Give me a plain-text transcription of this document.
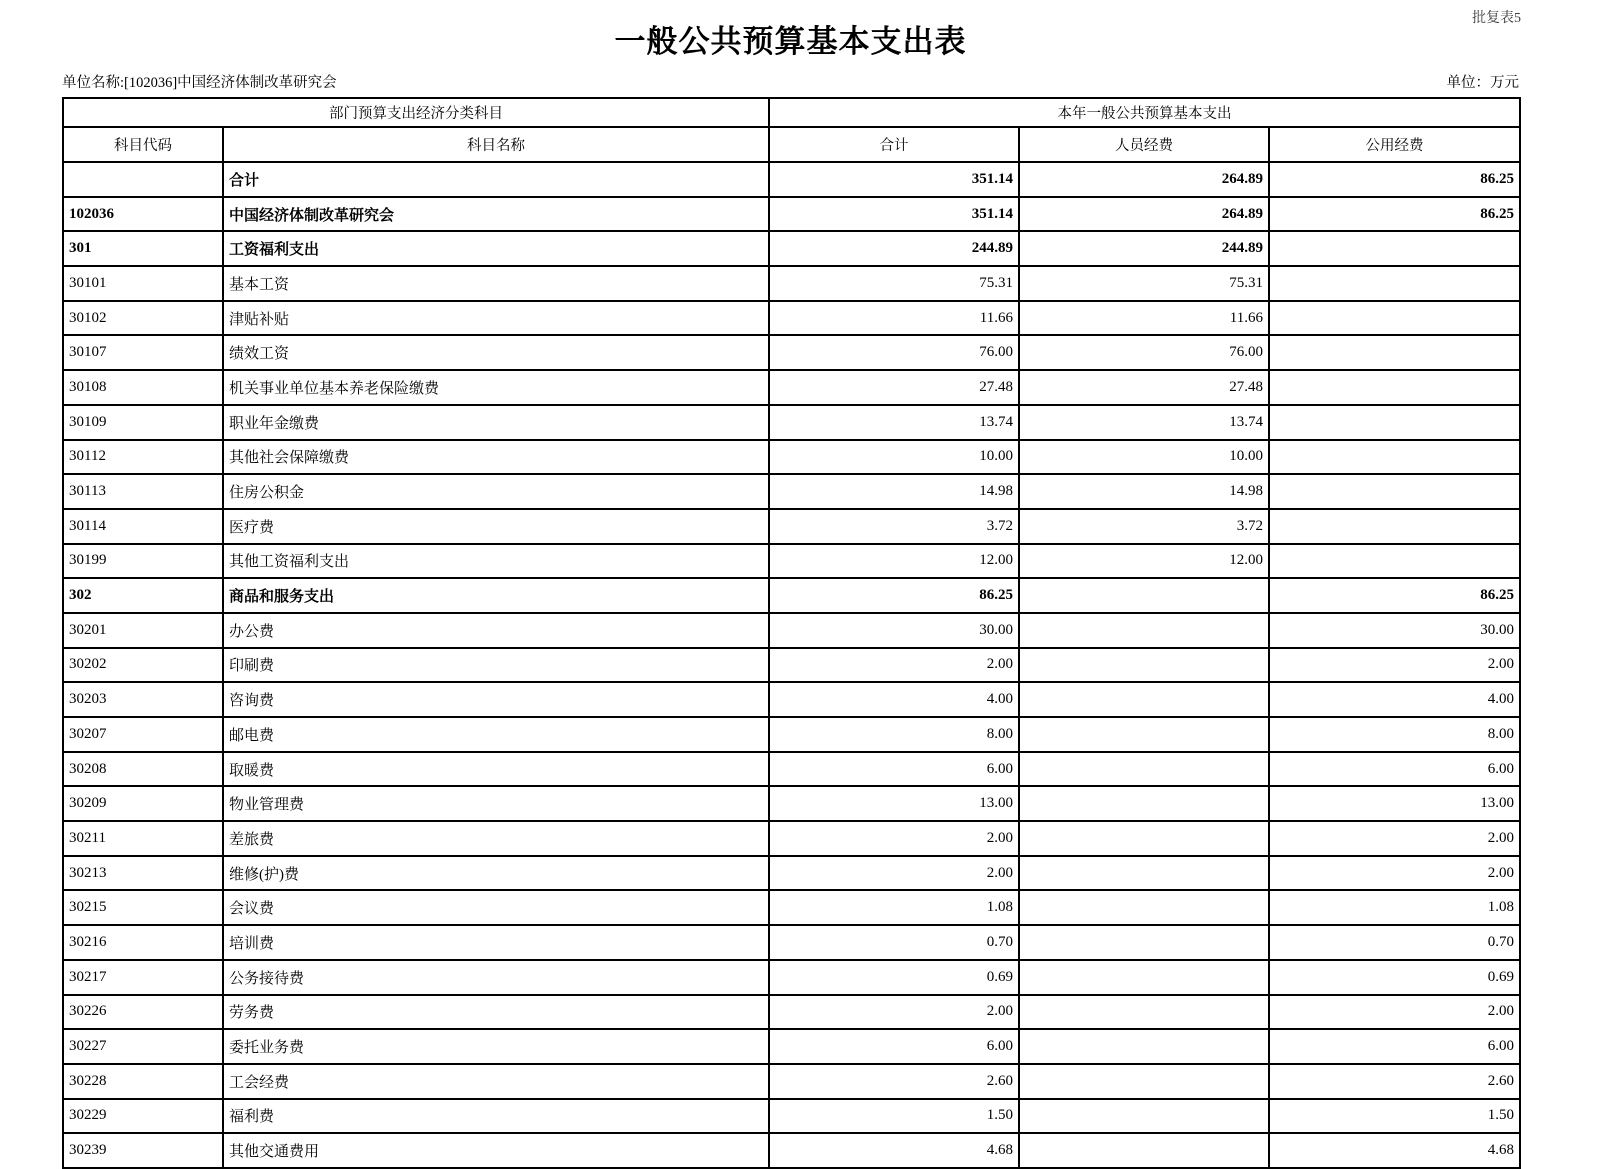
批复表5
一般公共预算基本支出表
单位名称:[102036]中国经济体制改革研究会	单位：万元
部门预算支出经济分类科目		本年一般公共预算基本支出		
科目代码	科目名称	合计	人员经费	公用经费
	合计	351.14	264.89	86.25
102036	中国经济体制改革研究会	351.14	264.89	86.25
301	工资福利支出	244.89	244.89	
30101	基本工资	75.31	75.31	
30102	津贴补贴	11.66	11.66	
30107	绩效工资	76.00	76.00	
30108	机关事业单位基本养老保险缴费	27.48	27.48	
30109	职业年金缴费	13.74	13.74	
30112	其他社会保障缴费	10.00	10.00	
30113	住房公积金	14.98	14.98	
30114	医疗费	3.72	3.72	
30199	其他工资福利支出	12.00	12.00	
302	商品和服务支出	86.25		86.25
30201	办公费	30.00		30.00
30202	印刷费	2.00		2.00
30203	咨询费	4.00		4.00
30207	邮电费	8.00		8.00
30208	取暖费	6.00		6.00
30209	物业管理费	13.00		13.00
30211	差旅费	2.00		2.00
30213	维修(护)费	2.00		2.00
30215	会议费	1.08		1.08
30216	培训费	0.70		0.70
30217	公务接待费	0.69		0.69
30226	劳务费	2.00		2.00
30227	委托业务费	6.00		6.00
30228	工会经费	2.60		2.60
30229	福利费	1.50		1.50
30239	其他交通费用	4.68		4.68
